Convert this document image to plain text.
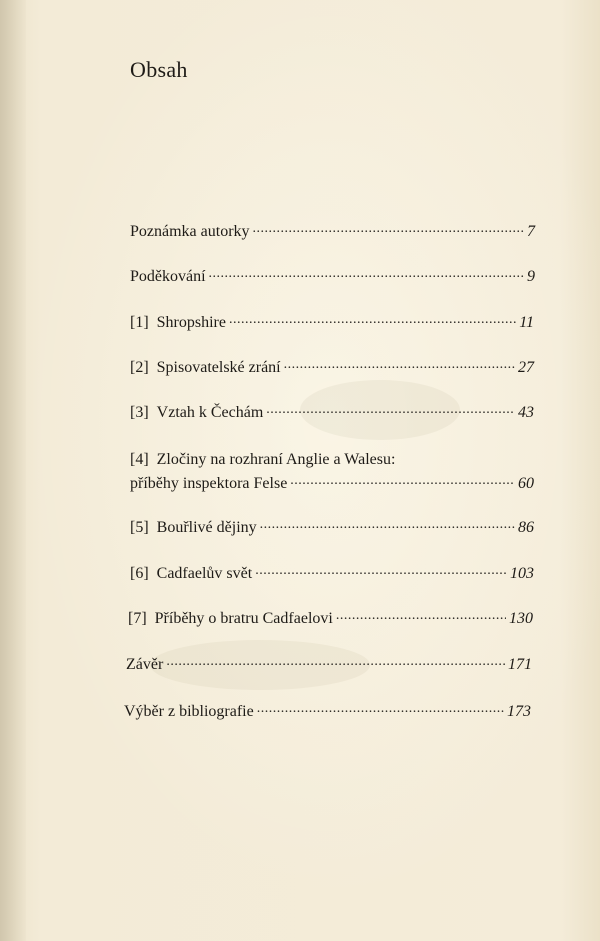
Obsah
Poznámka autorky .....	7
Poděkování .....	9
[1] Shropshire .....	11
[2] Spisovatelské zrání .....	27
[3] Vztah k Čechám .....	43
[4] Zločiny na rozhraní Anglie a Walesu:
příběhy inspektora Felse .....	60
[5] Bouřlivé dějiny .....	86
[6] Cadfaelův svět .....	103
[7] Příběhy o bratru Cadfaelovi .....	130
Závěr .....	171
Výběr z bibliografie .....	173
